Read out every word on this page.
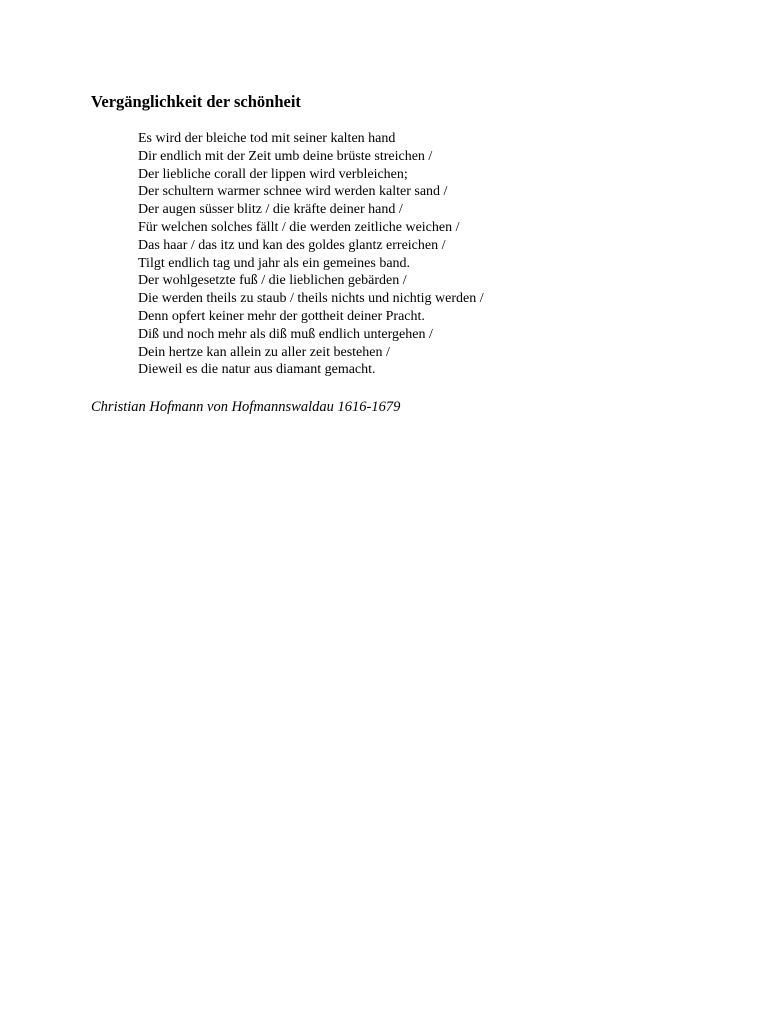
Vergänglichkeit der schönheit
Es wird der bleiche tod mit seiner kalten hand
Dir endlich mit der Zeit umb deine brüste streichen /
Der liebliche corall der lippen wird verbleichen;
Der schultern warmer schnee wird werden kalter sand /
Der augen süsser blitz / die kräfte deiner hand /
Für welchen solches fällt / die werden zeitliche weichen /
Das haar / das itz und kan des goldes glantz erreichen /
Tilgt endlich tag und jahr als ein gemeines band.
Der wohlgesetzte fuß / die lieblichen gebärden /
Die werden theils zu staub / theils nichts und nichtig werden /
Denn opfert keiner mehr der gottheit deiner Pracht.
Diß und noch mehr als diß muß endlich untergehen /
Dein hertze kan allein zu aller zeit bestehen /
Dieweil es die natur aus diamant gemacht.

Christian Hofmann von Hofmannswaldau 1616-1679
